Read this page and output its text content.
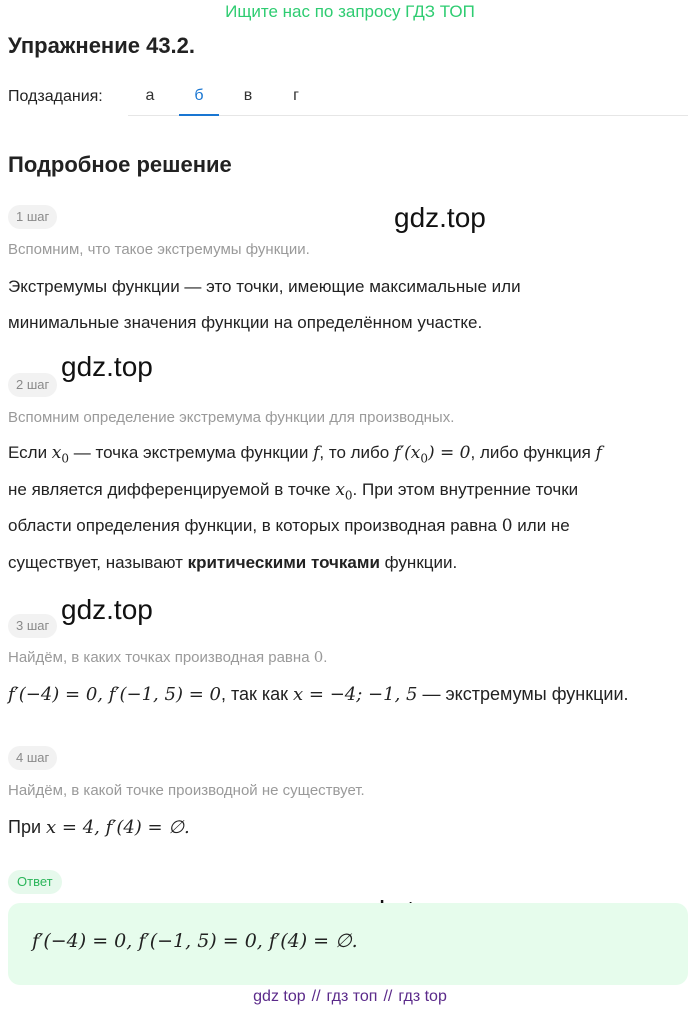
Ищите нас по запросу ГДЗ ТОП
Упражнение 43.2.
Подзадания:	а	б	в	г
Подробное решение
gdz.top
gdz.top
gdz.top
1 шаг
Вспомним, что такое экстремумы функции.
Экстремумы функции — это точки, имеющие максимальные или
минимальные значения функции на определённом участке.
2 шаг
Вспомним определение экстремума функции для производных.
Если $x_0$ — точка экстремума функции f, то либо $f'(x_0) = 0$, либо функция f
не является дифференцируемой в точке $x_0$. При этом внутренние точки
области определения функции, в которых производная равна 0 или не
существует, называют критическими точками функции.
3 шаг
Найдём, в каких точках производная равна 0.
f′(−4) = 0, f′(−1, 5) = 0, так как x = −4; −1, 5 — экстремумы функции.
4 шаг
Найдём, в какой точке производной не существует.
При x = 4, f′(4) = ∅.
Ответ
f′(−4) = 0, f′(−1, 5) = 0, f′(4) = ∅.
gdz top // гдз топ // гдз top
